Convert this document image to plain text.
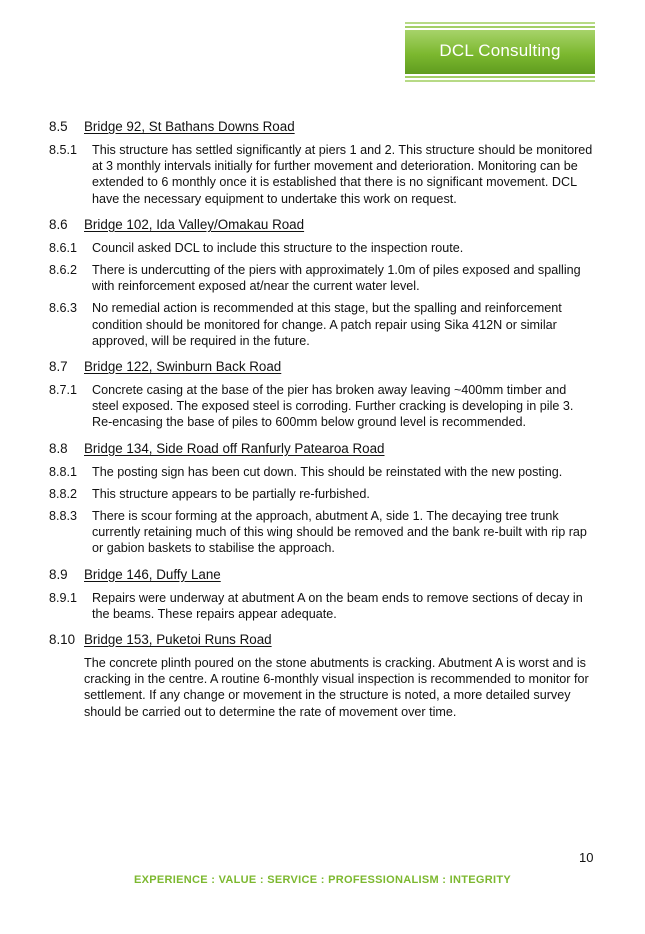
DCL Consulting
8.5	Bridge 92, St Bathans Downs Road
8.5.1	This structure has settled significantly at piers 1 and 2. This structure should be monitored at 3 monthly intervals initially for further movement and deterioration. Monitoring can be extended to 6 monthly once it is established that there is no significant movement. DCL have the necessary equipment to undertake this work on request.
8.6	Bridge 102, Ida Valley/Omakau Road
8.6.1	Council asked DCL to include this structure to the inspection route.
8.6.2	There is undercutting of the piers with approximately 1.0m of piles exposed and spalling with reinforcement exposed at/near the current water level.
8.6.3	No remedial action is recommended at this stage, but the spalling and reinforcement condition should be monitored for change. A patch repair using Sika 412N or similar approved, will be required in the future.
8.7	Bridge 122, Swinburn Back Road
8.7.1	Concrete casing at the base of the pier has broken away leaving ~400mm timber and steel exposed. The exposed steel is corroding. Further cracking is developing in pile 3. Re-encasing the base of piles to 600mm below ground level is recommended.
8.8	Bridge 134, Side Road off Ranfurly Patearoa Road
8.8.1	The posting sign has been cut down. This should be reinstated with the new posting.
8.8.2	This structure appears to be partially re-furbished.
8.8.3	There is scour forming at the approach, abutment A, side 1. The decaying tree trunk currently retaining much of this wing should be removed and the bank re-built with rip rap or gabion baskets to stabilise the approach.
8.9	Bridge 146, Duffy Lane
8.9.1	Repairs were underway at abutment A on the beam ends to remove sections of decay in the beams. These repairs appear adequate.
8.10 Bridge 153, Puketoi Runs Road
The concrete plinth poured on the stone abutments is cracking. Abutment A is worst and is cracking in the centre. A routine 6-monthly visual inspection is recommended to monitor for settlement. If any change or movement in the structure is noted, a more detailed survey should be carried out to determine the rate of movement over time.
10
EXPERIENCE : VALUE : SERVICE : PROFESSIONALISM : INTEGRITY
